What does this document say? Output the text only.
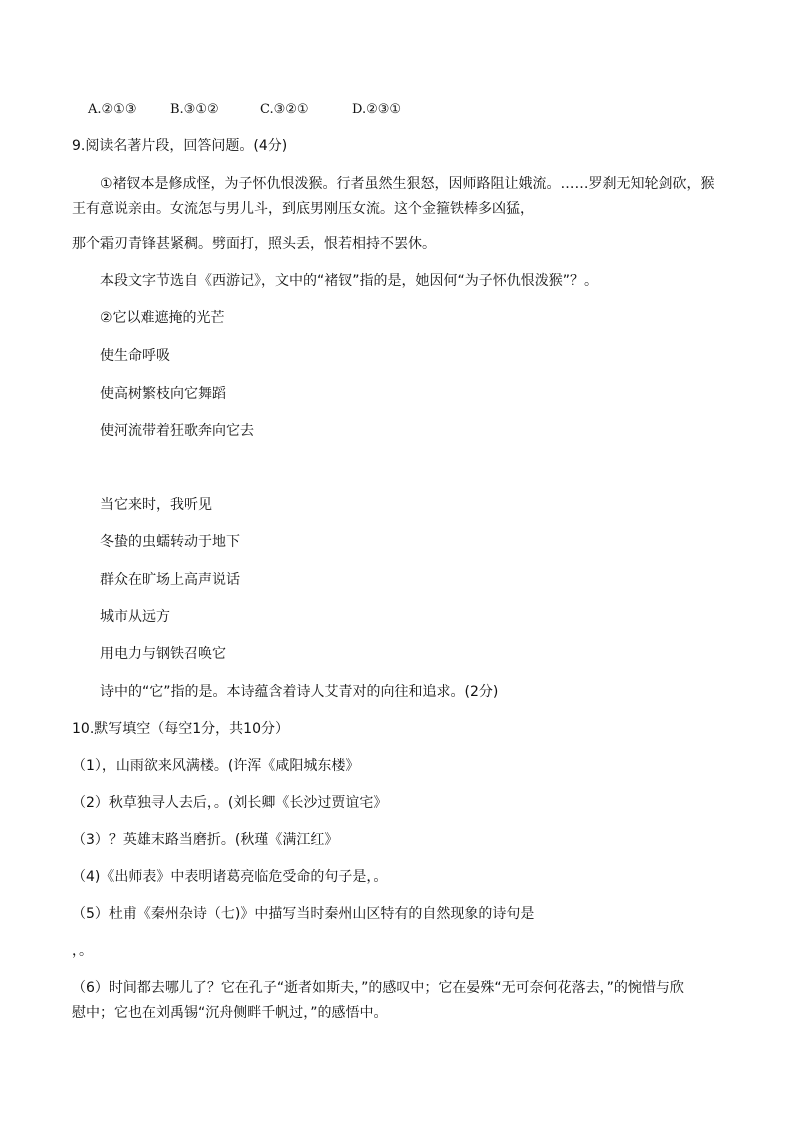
A.②①③	B.③①②	C.③②①	D.②③①
9.阅读名著片段，回答问题。(4分)
①褚钗本是修成怪，为子怀仇恨泼猴。行者虽然生狠怒，因师路阻让娥流。……罗刹无知轮剑砍，猴
王有意说亲由。女流怎与男儿斗，到底男刚压女流。这个金箍铁棒多凶猛，
那个霜刃青锋甚紧稠。劈面打，照头丢，恨若相持不罢休。
本段文字节选自《西游记》，文中的“褚钗”指的是，她因何“为子怀仇恨泼猴”？。
②它以难遮掩的光芒
使生命呼吸
使高树繁枝向它舞蹈
使河流带着狂歌奔向它去
当它来时，我听见
冬蛰的虫蠕转动于地下
群众在旷场上高声说话
城市从远方
用电力与钢铁召唤它
诗中的“它”指的是。本诗蕴含着诗人艾青对的向往和追求。(2分)
10.默写填空（每空1分，共10分）
（1），山雨欲来风满楼。(许浑《咸阳城东楼》
（2）秋草独寻人去后，。(刘长卿《长沙过贾谊宅》
（3）？英雄末路当磨折。(秋瑾《满江红》
（4)《出师表》中表明诸葛亮临危受命的句子是，。
（5）杜甫《秦州杂诗（七)》中描写当时秦州山区特有的自然现象的诗句是
，。
（6）时间都去哪儿了？它在孔子“逝者如斯夫，”的感叹中；它在晏殊“无可奈何花落去，”的惋惜与欣
慰中；它也在刘禹锡“沉舟侧畔千帆过，”的感悟中。
